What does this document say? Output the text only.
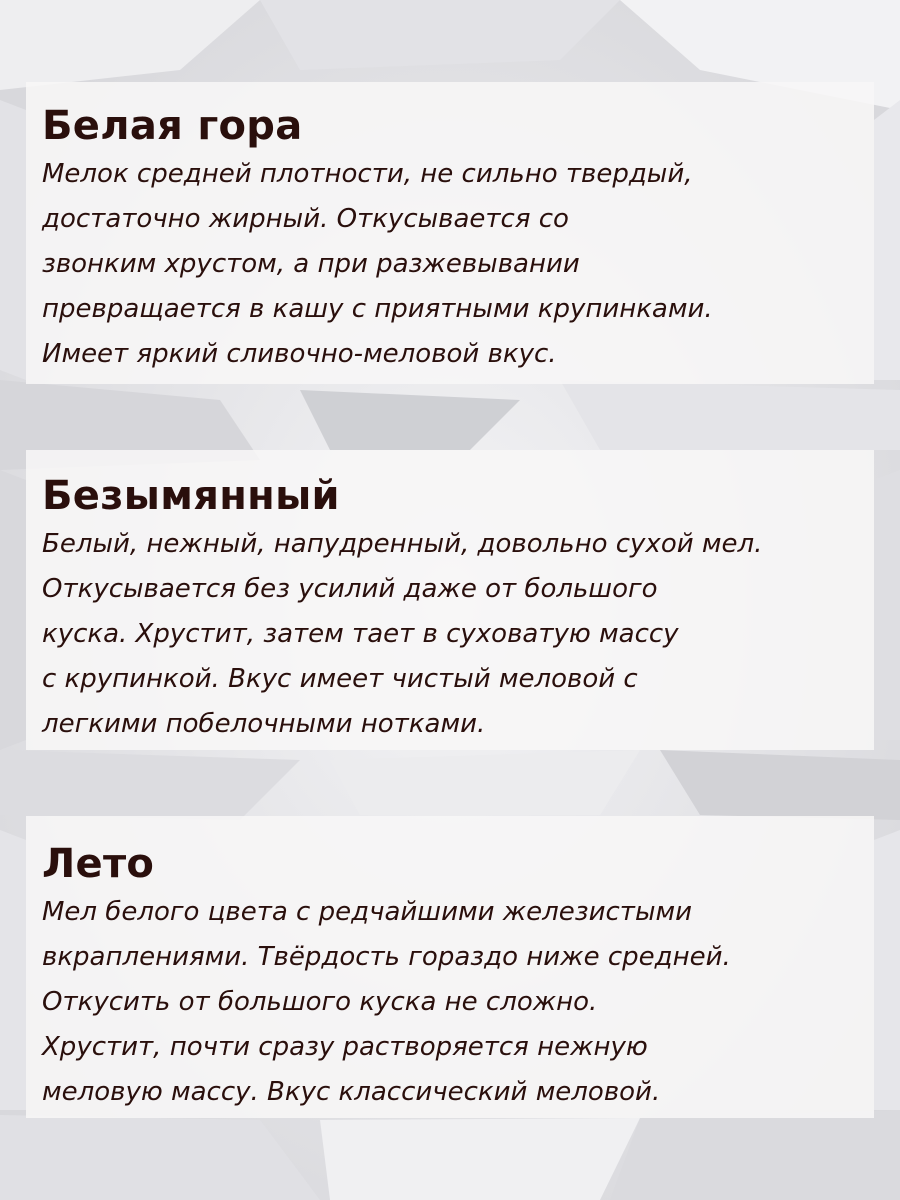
Белая гора

Мелок средней плотности, не сильно твердый,
достаточно жирный. Откусывается со
звонким хрустом, а при разжевывании
превращается в кашу с приятными крупинками.
Имеет яркий сливочно-меловой вкус.

Безымянный

Белый, нежный, напудренный, довольно сухой мел.
Откусывается без усилий даже от большого
куска. Хрустит, затем тает в суховатую массу
с крупинкой. Вкус имеет чистый меловой с
легкими побелочными нотками.

Лето

Мел белого цвета с редчайшими железистыми
вкраплениями. Твёрдость гораздо ниже средней.
Откусить от большого куска не сложно.
Хрустит, почти сразу растворяется нежную
меловую массу. Вкус классический меловой.
